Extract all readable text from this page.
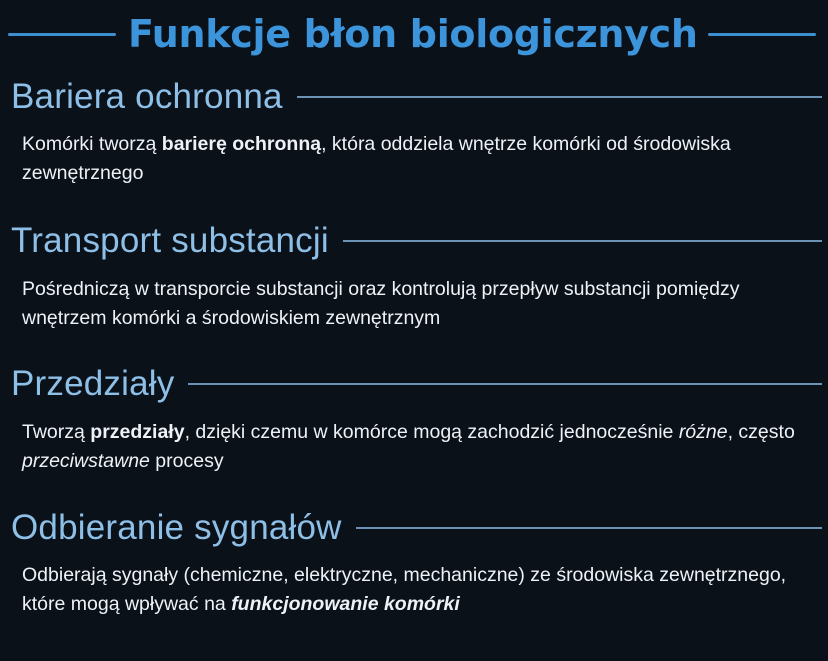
Funkcje błon biologicznych
Bariera ochronna
Komórki tworzą barierę ochronną, która oddziela wnętrze komórki od środowiska zewnętrznego
Transport substancji
Pośredniczą w transporcie substancji oraz kontrolują przepływ substancji pomiędzy wnętrzem komórki a środowiskiem zewnętrznym
Przedziały
Tworzą przedziały, dzięki czemu w komórce mogą zachodzić jednocześnie różne, często przeciwstawne procesy
Odbieranie sygnałów
Odbierają sygnały (chemiczne, elektryczne, mechaniczne) ze środowiska zewnętrznego, które mogą wpływać na funkcjonowanie komórki
